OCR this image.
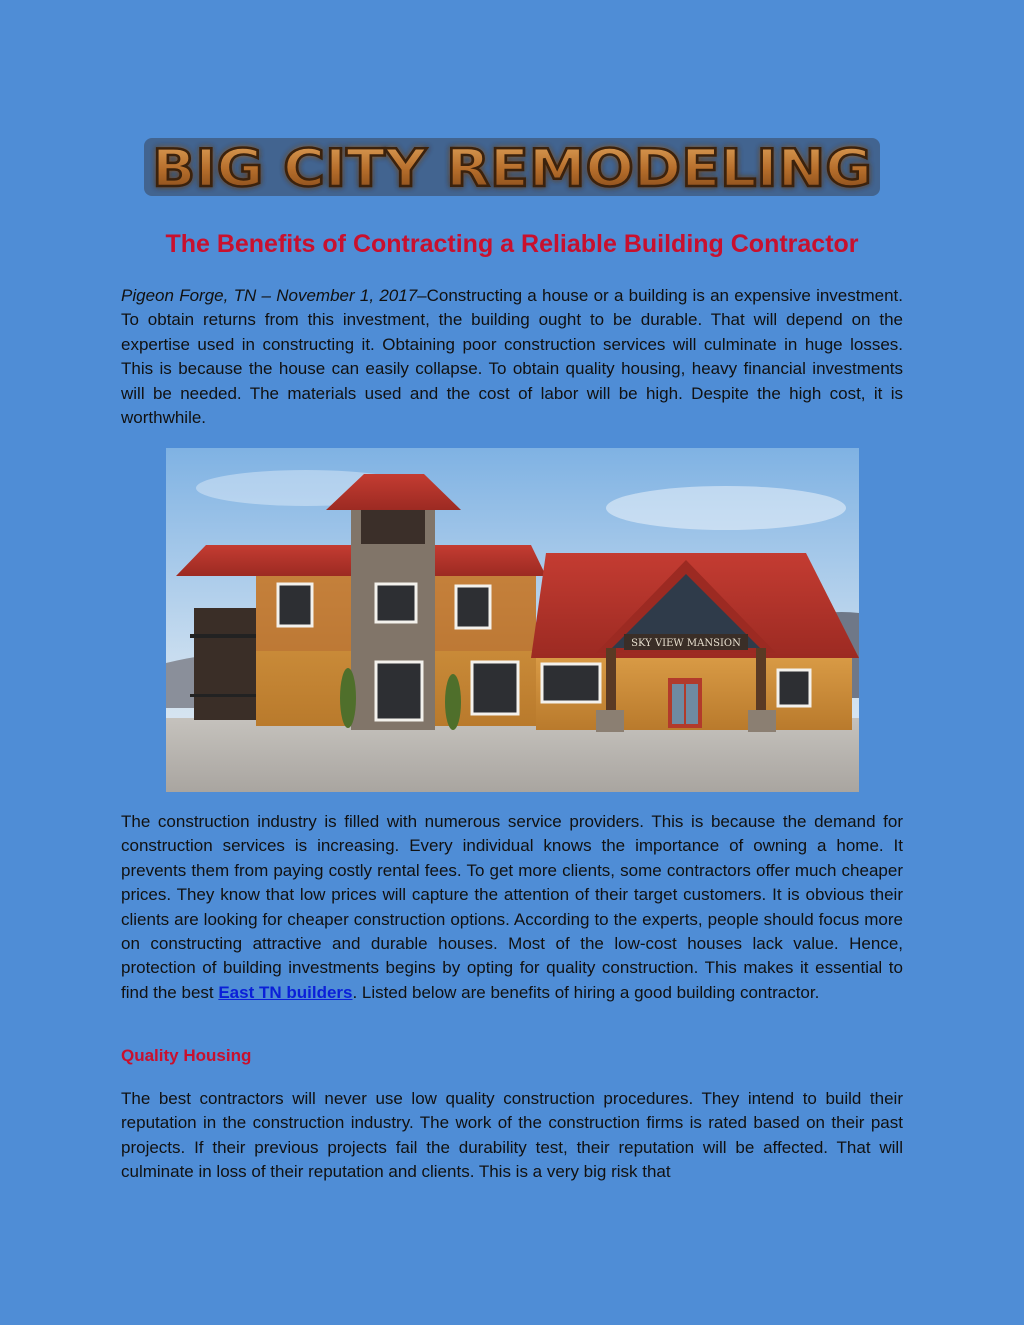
BIG CITY REMODELING
The Benefits of Contracting a Reliable Building Contractor
Pigeon Forge, TN – November 1, 2017–Constructing a house or a building is an expensive investment. To obtain returns from this investment, the building ought to be durable. That will depend on the expertise used in constructing it. Obtaining poor construction services will culminate in huge losses. This is because the house can easily collapse. To obtain quality housing, heavy financial investments will be needed. The materials used and the cost of labor will be high. Despite the high cost, it is worthwhile.
SKY VIEW MANSION
The construction industry is filled with numerous service providers. This is because the demand for construction services is increasing. Every individual knows the importance of owning a home. It prevents them from paying costly rental fees. To get more clients, some contractors offer much cheaper prices. They know that low prices will capture the attention of their target customers. It is obvious their clients are looking for cheaper construction options. According to the experts, people should focus more on constructing attractive and durable houses. Most of the low-cost houses lack value. Hence, protection of building investments begins by opting for quality construction. This makes it essential to find the best East TN builders. Listed below are benefits of hiring a good building contractor.
Quality Housing
The best contractors will never use low quality construction procedures. They intend to build their reputation in the construction industry. The work of the construction firms is rated based on their past projects. If their previous projects fail the durability test, their reputation will be affected. That will culminate in loss of their reputation and clients. This is a very big risk that
